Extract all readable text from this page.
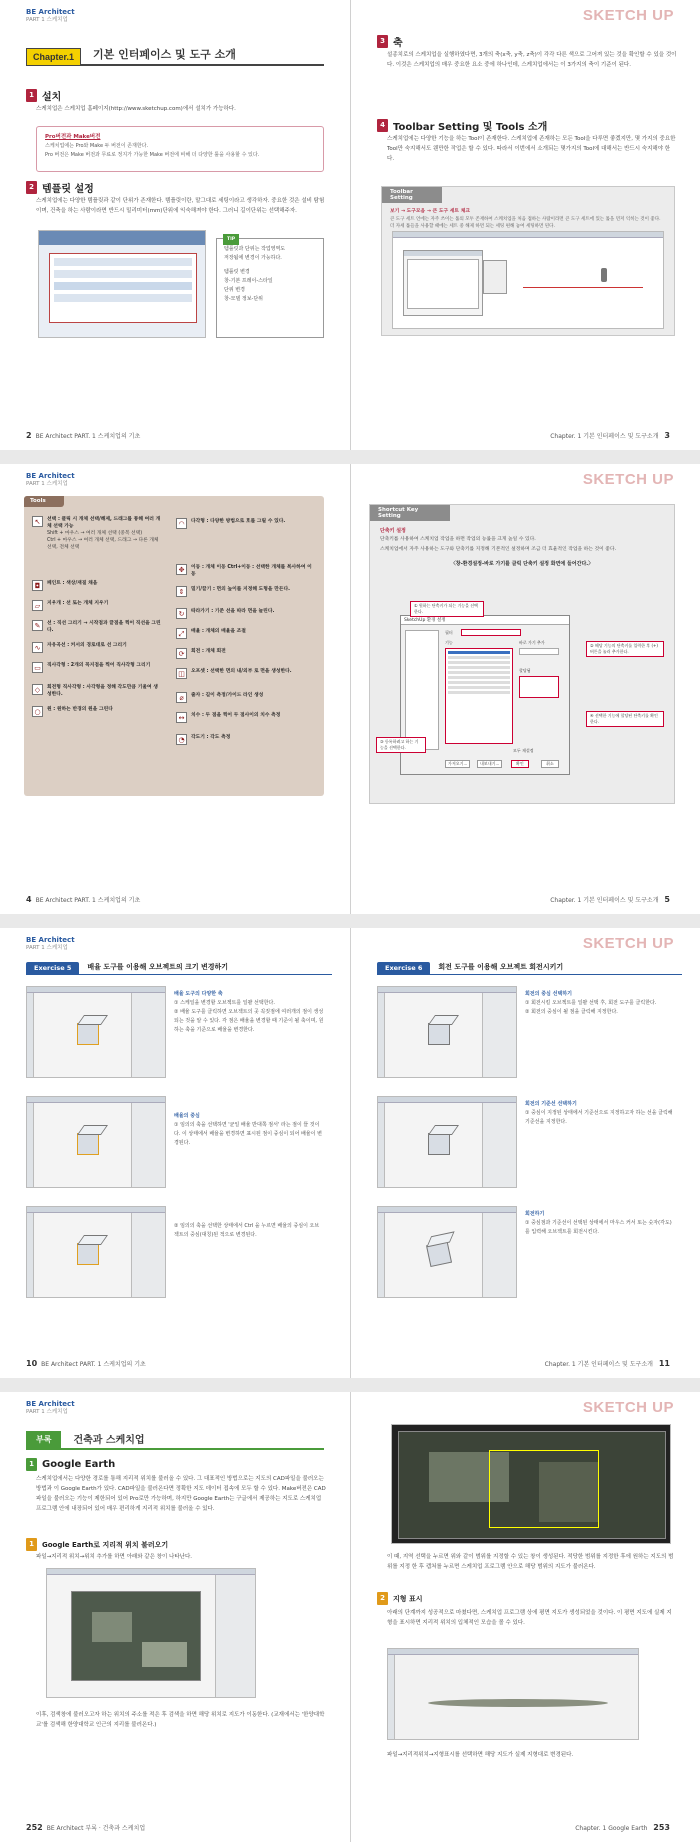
BE Architect
PART 1 스케치업
Chapter.1	기본 인터페이스 및 도구 소개
1 설치
스케치업은 스케치업 홈페이지(http://www.sketchup.com)에서 설치가 가능하다.
Pro버전과 Make버전
스케치업에는 Pro와 Make 두 버전이 존재한다.
Pro 버전은 Make 버전과 무료로 정지가 가능한 Make 버전에 비해 더 다양한 툴을 사용할 수 있다.
2 템플릿 설정
스케치업에는 다양한 템플릿과 같이 단위가 존재한다. 템플릿이란, 말그대로 세팅이라고 생각하자. 중요한 것은 설비 탐험이며, 건축을 하는 사람이라면 반드시 밀리미터(mm)단위에 익숙해져야 한다. 그러니 길이단위는 선택해주자.
TIP
템플릿과 단위는 작업영역도
저장됨에 변경이 가능하다.
템플릿 변경
창-기본 프레이-스타일
단위 변경
창-모델 정보-단위
2 BE Architect PART. 1 스케치업의 기초
SKETCH UP
3 축
설종치로의 스케치업을 실행하였다면, 3개의 축(x축, y축, z축)이 각각 다른 색으로 그어져 있는 것을 확인할 수 있을 것이다. 이것은 스케치업의 매우 중요한 요소 중에 하나인데, 스케치업에서는 이 3가지의 축이 기준이 된다.
4 Toolbar Setting 및 Tools 소개
스케치업에는 다양한 기능을 하는 Tool이 존재한다. 스케치업에 존재하는 모든 Tool을 다루면 좋겠지만, 몇 가지의 중요한 Tool만 숙지해서도 웬만한 작업은 할 수 있다. 따라서 이번에서 소개되는 몇가지의 Tool에 대해서는 반드시 숙지해야 한다.
Toolbar Setting
보기 → 도구모음 → 큰 도구 세트 체크
큰 도구 세트 언에는 자주 쓰이는 툴의 모두 존재하여 스케치업을 처음 접하는 사람이라면 큰 도구 세트에 있는 툴을 먼저 익히는 것이 좋다. 더 자세 툴들을 사용할 때에는 세트 중 해제 하면 되는 세팅 편해 놓여 세팅하면 된다.
Chapter. 1 기본 인터페이스 및 도구소개 3
BE Architect
PART 1 스케치업
Tools
↖	선택 : 클릭 시 개체 선택/해제, 드래그를 통해 여러 개체 선택 가능
Shift + 마우스 → 여러 개체 선택 (중복 선택)
Ctrl + 마우스 → 여러 개체 선택, 드래그 → 다른 개체 선택, 전체 선택
◘	페인트 : 색상/재질 채움
▱	지우개 : 선 또는 개체 지우기
✎	선 : 직선 그리기 → 시작점과 끝점을 찍어 직선을 그린다.
∿	자유곡선 : 커서의 경로대로 선 그리기
▭	직사각형 : 2개의 꼭지점을 찍어 직사각형 그리기
◇	회전형 직사각형 : 사각형을 정해 각도만큼 기울여 생성한다.
○	원 : 원하는 반경의 원을 그린다
◠	다각형 : 다양한 방법으로 호를 그릴 수 있다.
✥	이동 : 개체 이동 Ctrl+이동 : 선택한 개체를 복사하여 이동
⇕	밀기/끌기 : 면의 높이를 지정해 도형을 만든다.
↻	따라가기 : 기준 선을 따라 면을 늘린다.
⤢	배율 : 개체의 배율을 조절
⟳	회전 : 개체 회전
◫	오프셋 : 선택한 면의 내/외부 로 면을 생성한다.
⌀	줄자 : 길이 측정/가이드 라인 생성
↔	치수 : 두 점을 찍어 두 점사이의 치수 측정
◔	각도기 : 각도 측정
4 BE Architect PART. 1 스케치업의 기초
SKETCH UP
Shortcut Key Setting
단축키 설정
단축키를 사용하여 스케치업 작업을 하면 작업의 능률을 크게 높일 수 있다.
스케치업에서 자주 사용하는 도구와 단축키를 지정해 기본적인 설정하며 조금 더 효율적인 작업을 하는 것이 좋다.
〈창-환경설정-바로 가기를 클릭 단축키 설정 화면에 들어간다.〉
SketchUp 환경 설정
필터
기능	바로 가기 추가
할당됨
모두 재설정
가져오기...	내보내기...	확인	취소
① 원하는 단축키가 되는 기능을 선택한다.
② 해당 기능의 단축키를 입력한 후 (+)버튼을 눌러 추가한다.
③ 등록하려고 하는 기능을 선택한다.
④ 선택한 기능에 할당된 단축키를 확인한다.
Chapter. 1 기본 인터페이스 및 도구소개 5
BE Architect
PART 1 스케치업
Exercise 5	배율 도구를 이용해 오브젝트의 크기 변경하기
배율 도구의 다양한 축
① 스케일을 변경할 오브젝트를 일괄 선택한다.
② 배율 도구를 클릭하면 오브젝트의 곳 꼭짓점에 여러개의 점이 생성되는 것을 알 수 있다. 각 점은 배율을 변경할 때 기준이 될 축이며, 원하는 축을 기준으로 배율을 변경한다.
배율의 중심
① 임의의 축을 선택하면 '균일 배율 반대쪽 점서' 라는 점이 뜰 것이다. 이 상태에서 배율을 변경하면 표시된 점이 중심이 되어 배율이 변경된다.
② 임의의 축을 선택한 상태에서 Ctrl 을 누르면 배율의 중심이 오브젝트의 중심(대칭)된 적으로 변경된다.
10 BE Architect PART. 1 스케치업의 기초
SKETCH UP
Exercise 6	회전 도구를 이용해 오브젝트 회전시키기
회전의 중심 선택하기
① 회전시킬 오브젝트를 일괄 선택 후, 회전 도구를 클릭한다.
② 회전의 중심이 될 점을 클릭해 지정한다.
회전의 기준선 선택하기
① 중심이 지정된 상태에서 기준선으로 지정하고자 하는 선을 클릭해 기준선을 지정한다.
회전하기
① 중심점과 기준선이 선택된 상태에서 마우스 커서 또는 숫자(각도)를 입력해 오브젝트를 회전시킨다.
Chapter. 1 기본 인터페이스 및 도구소개 11
BE Architect
PART 1 스케치업
부록	건축과 스케치업
1 Google Earth
스케치업에서는 다양한 경로를 통해 지리적 위치를 불러올 수 있다. 그 대표적인 방법으로는 지도의 CAD파일을 불러오는 방법과 이 Google Earth가 있다. CAD파일을 불러온다면 정확한 지도 데이터 접속에 모두 할 수 있다. Make버전은 CAD파일을 불러오는 기능이 제한되어 있어 Pro로만 가능하며, 하지만 Google Earth는 구글에서 제공하는 지도로 스케치업 프로그램 안에 내장되어 있어 매우 편리하게 지리적 위치를 불러올 수 있다.
1	Google Earth로 지리적 위치 불러오기
파일→지리적 위치→위치 추가를 하면 아래와 같은 창이 나타난다.
이후, 검색창에 불러오고자 하는 위치의 주소를 적은 후 검색을 하면 해당 위치로 지도가 이동한다. (교재에서는 '한양대학교'를 검색해 한양대학교 인근의 지리를 불러온다.)
252 BE Architect 부록 · 건축과 스케치업
SKETCH UP
이 때, 지역 선택을 누르면 위와 같이 범위를 지정할 수 있는 창이 생성된다. 적당한 범위를 지정한 후에 원하는 지도의 범위를 지정 한 후 캡쳐를 누르면 스케치업 프로그램 안으로 해당 범위의 지도가 불러온다.
2	지형 표시
아래의 단계까지 성공적으로 마쳤다면, 스케치업 프로그램 상에 평면 지도가 생성되었을 것이다. 이 평면 지도에 실제 지형을 표시하면 지리적 위치의 입체적인 모습을 볼 수 있다.
파일→지리적위치→지형표시를 선택하면 해당 지도가 실제 지형대로 변경된다.
Chapter. 1 Google Earth 253
